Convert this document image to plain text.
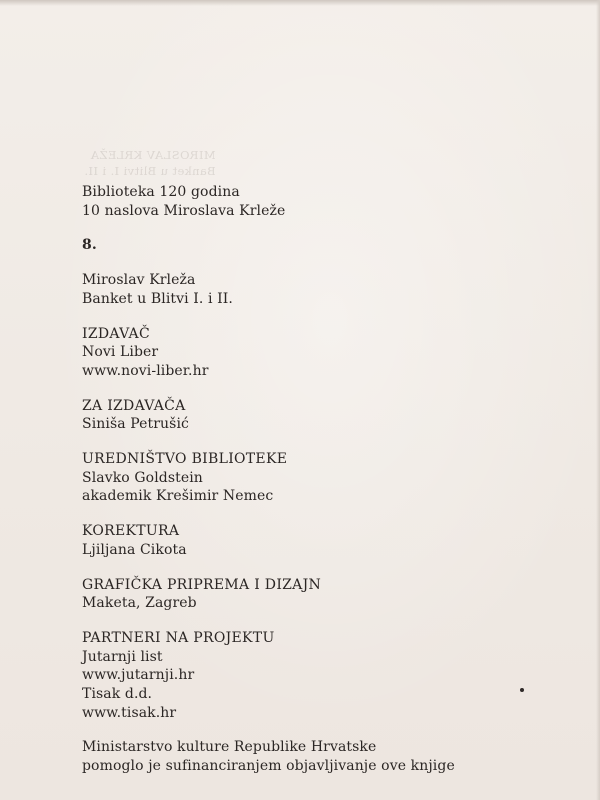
MIROSLAV KRLEŽA
Banket u Blitvi I. i II.
Biblioteka 120 godina
10 naslova Miroslava Krleže
8.
Miroslav Krleža
Banket u Blitvi I. i II.
IZDAVAČ
Novi Liber
www.novi-liber.hr
ZA IZDAVAČA
Siniša Petrušić
UREDNIŠTVO BIBLIOTEKE
Slavko Goldstein
akademik Krešimir Nemec
KOREKTURA
Ljiljana Cikota
GRAFIČKA PRIPREMA I DIZAJN
Maketa, Zagreb
PARTNERI NA PROJEKTU
Jutarnji list
www.jutarnji.hr
Tisak d.d.
www.tisak.hr
Ministarstvo kulture Republike Hrvatske
pomoglo je sufinanciranjem objavljivanje ove knjige
